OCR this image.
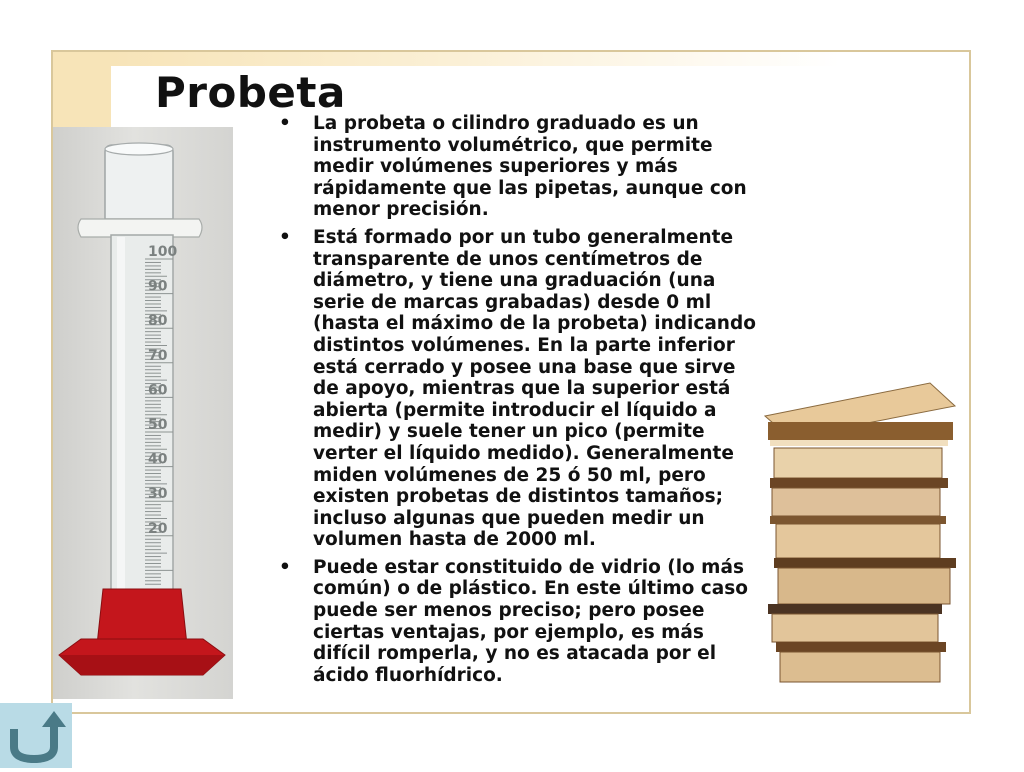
Probeta
100
90
80
70
60
50
40
30
20
• La probeta o cilindro graduado es un instrumento volumétrico, que permite medir volúmenes superiores y más rápidamente que las pipetas, aunque con menor precisión.
• Está formado por un tubo generalmente transparente de unos centímetros de diámetro, y tiene una graduación (una serie de marcas grabadas) desde 0 ml (hasta el máximo de la probeta) indicando distintos volúmenes. En la parte inferior está cerrado y posee una base que sirve de apoyo, mientras que la superior está abierta (permite introducir el líquido a medir) y suele tener un pico (permite verter el líquido medido). Generalmente miden volúmenes de 25 ó 50 ml, pero existen probetas de distintos tamaños; incluso algunas que pueden medir un volumen hasta de 2000 ml.
• Puede estar constituido de vidrio (lo más común) o de plástico. En este último caso puede ser menos preciso; pero posee ciertas ventajas, por ejemplo, es más difícil romperla, y no es atacada por el ácido fluorhídrico.
